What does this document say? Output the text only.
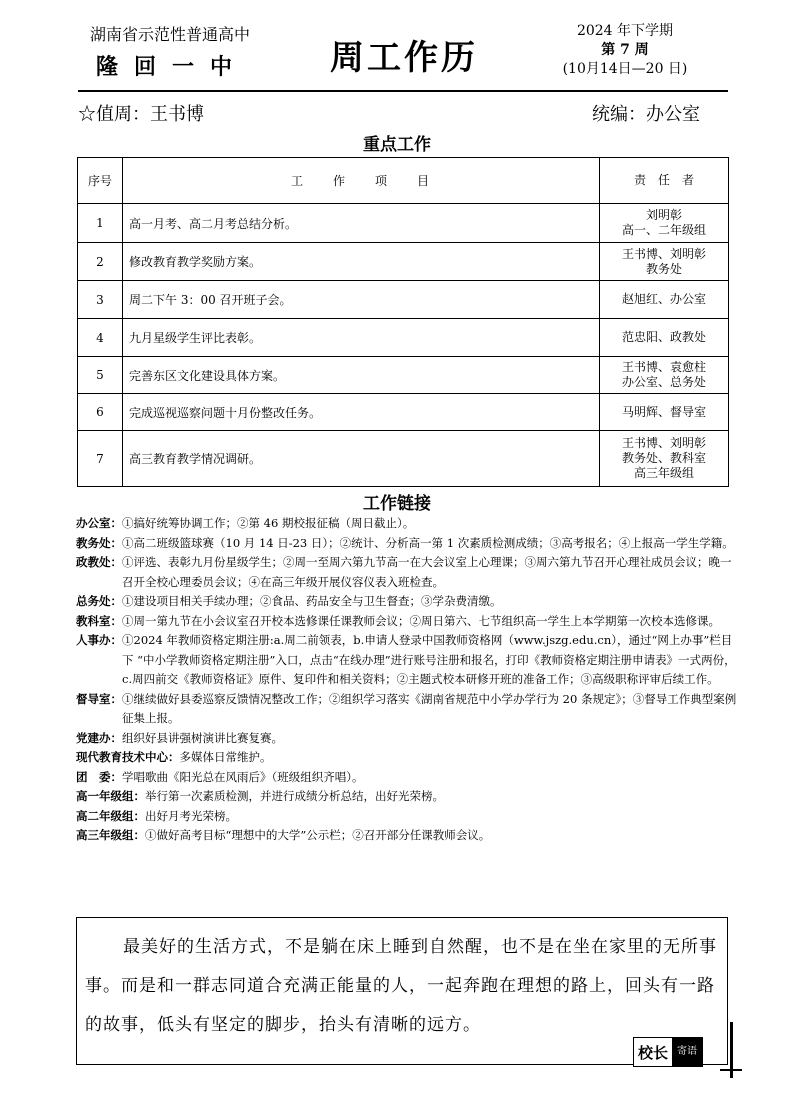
湖南省示范性普通高中
隆回一中 周工作历
2024 年下学期
第 7 周
(10月14日—20 日)
☆值周：王书博	统编：办公室
重点工作
序号	工　　作　　项　　目	责　任　者
1	高一月考、高二月考总结分析。	刘明彰
高一、二年级组

2	修改教育教学奖励方案。	王书博、刘明彰
教务处

3	周二下午 3：00 召开班子会。	赵旭红、办公室

4	九月星级学生评比表彰。	范忠阳、政教处

5	完善东区文化建设具体方案。	王书博、袁愈柱
办公室、总务处

6	完成巡视巡察问题十月份整改任务。	马明辉、督导室

7	高三教育教学情况调研。	王书博、刘明彰
教务处、教科室
高三年级组
工作链接
办公室： ①搞好统筹协调工作；②第 46 期校报征稿（周日截止）。
教务处： ①高二班级篮球赛（10 月 14 日-23 日）；②统计、分析高一第 1 次素质检测成绩；③高考报名；④上报高一学生学籍。
政教处： ①评选、表彰九月份星级学生；②周一至周六第九节高一在大会议室上心理课；③周六第九节召开心理社成员会议；晚一召开全校心理委员会议；④在高三年级开展仪容仪表入班检查。
总务处： ①建设项目相关手续办理；②食品、药品安全与卫生督查；③学杂费清缴。
教科室： ①周一第九节在小会议室召开校本选修课任课教师会议；②周日第六、七节组织高一学生上本学期第一次校本选修课。
人事办： ①2024 年教师资格定期注册:a.周二前领表，b.申请人登录中国教师资格网（www.jszg.edu.cn），通过“网上办事”栏目下 “中小学教师资格定期注册”入口，点击“在线办理”进行账号注册和报名，打印《教师资格定期注册申请表》一式两份，c.周四前交《教师资格证》原件、复印件和相关资料；②主题式校本研修开班的准备工作；③高级职称评审后续工作。
督导室： ①继续做好县委巡察反馈情况整改工作；②组织学习落实《湖南省规范中小学办学行为 20 条规定》；③督导工作典型案例征集上报。
党建办： 组织好县讲强树演讲比赛复赛。
现代教育技术中心： 多媒体日常维护。
团　委： 学唱歌曲《阳光总在风雨后》（班级组织齐唱）。
高一年级组： 举行第一次素质检测，并进行成绩分析总结，出好光荣榜。
高二年级组： 出好月考光荣榜。
高三年级组： ①做好高考目标“理想中的大学”公示栏；②召开部分任课教师会议。
最美好的生活方式，不是躺在床上睡到自然醒，也不是在坐在家里的无所事事。而是和一群志同道合充满正能量的人，一起奔跑在理想的路上，回头有一路的故事，低头有坚定的脚步，抬头有清晰的远方。
校长 寄语
